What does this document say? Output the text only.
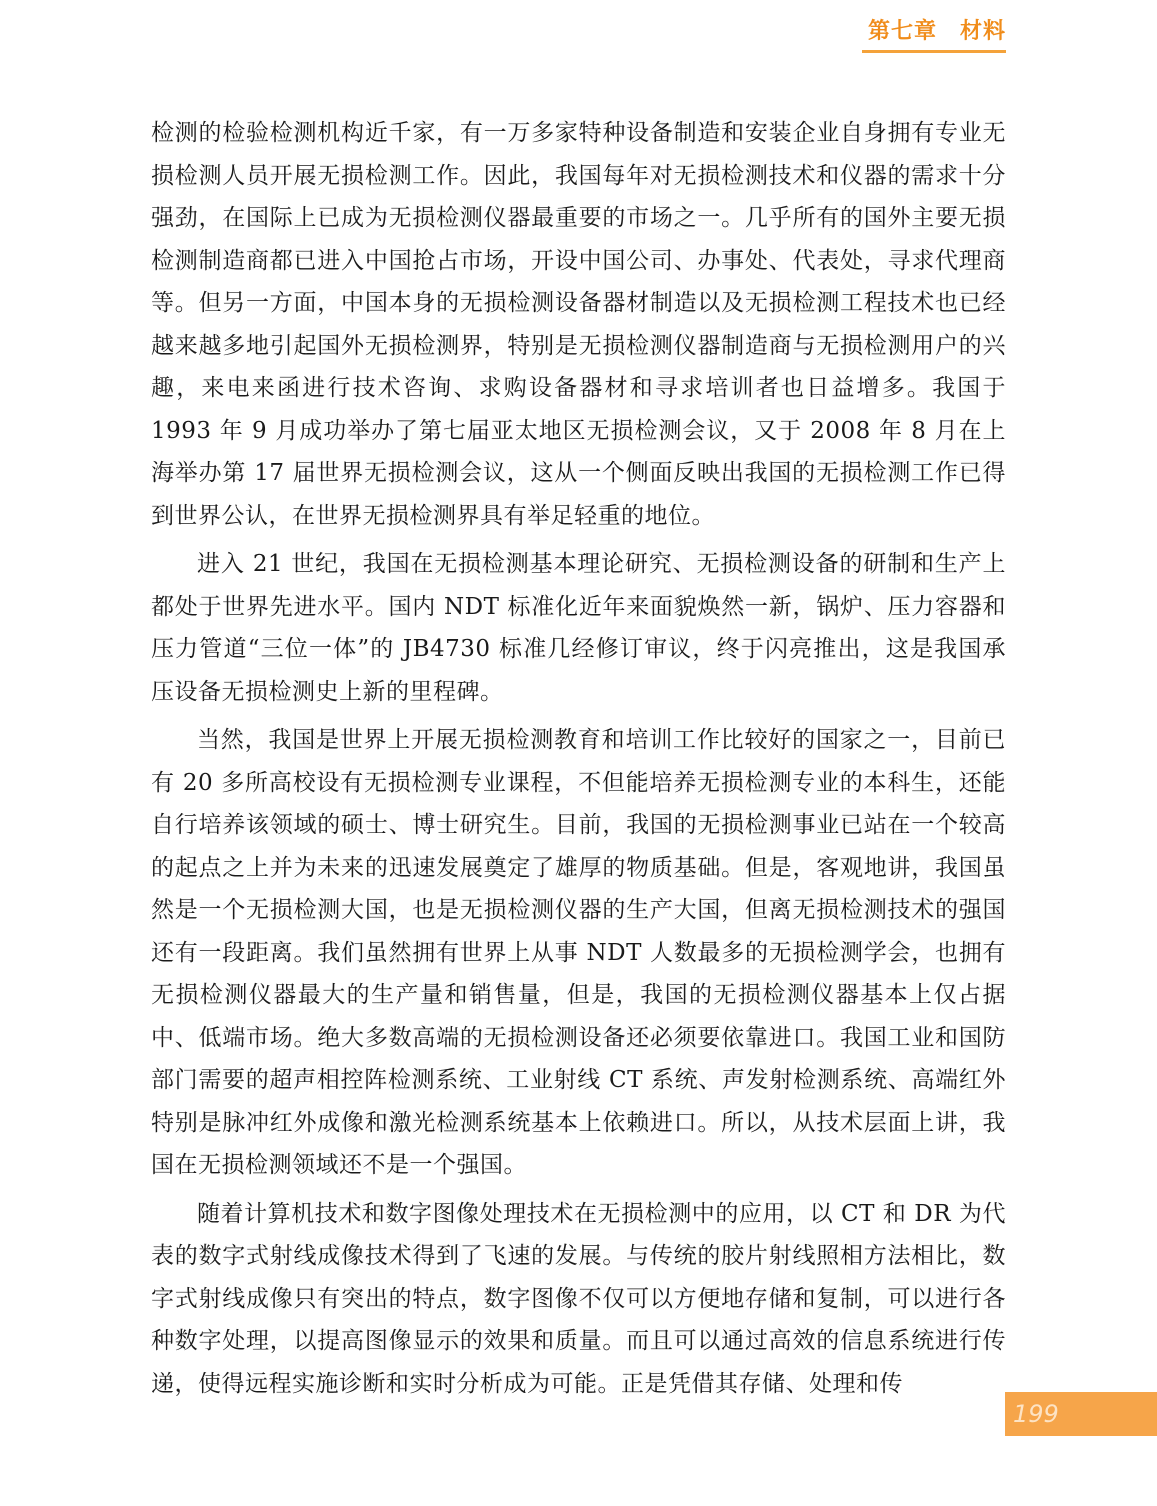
第七章　材料

检测的检验检测机构近千家，有一万多家特种设备制造和安装企业自身拥有专业无损检测人员开展无损检测工作。因此，我国每年对无损检测技术和仪器的需求十分强劲，在国际上已成为无损检测仪器最重要的市场之一。几乎所有的国外主要无损检测制造商都已进入中国抢占市场，开设中国公司、办事处、代表处，寻求代理商等。但另一方面，中国本身的无损检测设备器材制造以及无损检测工程技术也已经越来越多地引起国外无损检测界，特别是无损检测仪器制造商与无损检测用户的兴趣，来电来函进行技术咨询、求购设备器材和寻求培训者也日益增多。我国于 1993 年 9 月成功举办了第七届亚太地区无损检测会议，又于 2008 年 8 月在上海举办第 17 届世界无损检测会议，这从一个侧面反映出我国的无损检测工作已得到世界公认，在世界无损检测界具有举足轻重的地位。

进入 21 世纪，我国在无损检测基本理论研究、无损检测设备的研制和生产上都处于世界先进水平。国内 NDT 标准化近年来面貌焕然一新，锅炉、压力容器和压力管道“三位一体”的 JB4730 标准几经修订审议，终于闪亮推出，这是我国承压设备无损检测史上新的里程碑。

当然，我国是世界上开展无损检测教育和培训工作比较好的国家之一，目前已有 20 多所高校设有无损检测专业课程，不但能培养无损检测专业的本科生，还能自行培养该领域的硕士、博士研究生。目前，我国的无损检测事业已站在一个较高的起点之上并为未来的迅速发展奠定了雄厚的物质基础。但是，客观地讲，我国虽然是一个无损检测大国，也是无损检测仪器的生产大国，但离无损检测技术的强国还有一段距离。我们虽然拥有世界上从事 NDT 人数最多的无损检测学会，也拥有无损检测仪器最大的生产量和销售量，但是，我国的无损检测仪器基本上仅占据中、低端市场。绝大多数高端的无损检测设备还必须要依靠进口。我国工业和国防部门需要的超声相控阵检测系统、工业射线 CT 系统、声发射检测系统、高端红外特别是脉冲红外成像和激光检测系统基本上依赖进口。所以，从技术层面上讲，我国在无损检测领域还不是一个强国。

随着计算机技术和数字图像处理技术在无损检测中的应用，以 CT 和 DR 为代表的数字式射线成像技术得到了飞速的发展。与传统的胶片射线照相方法相比，数字式射线成像只有突出的特点，数字图像不仅可以方便地存储和复制，可以进行各种数字处理，以提高图像显示的效果和质量。而且可以通过高效的信息系统进行传递，使得远程实施诊断和实时分析成为可能。正是凭借其存储、处理和传

199
